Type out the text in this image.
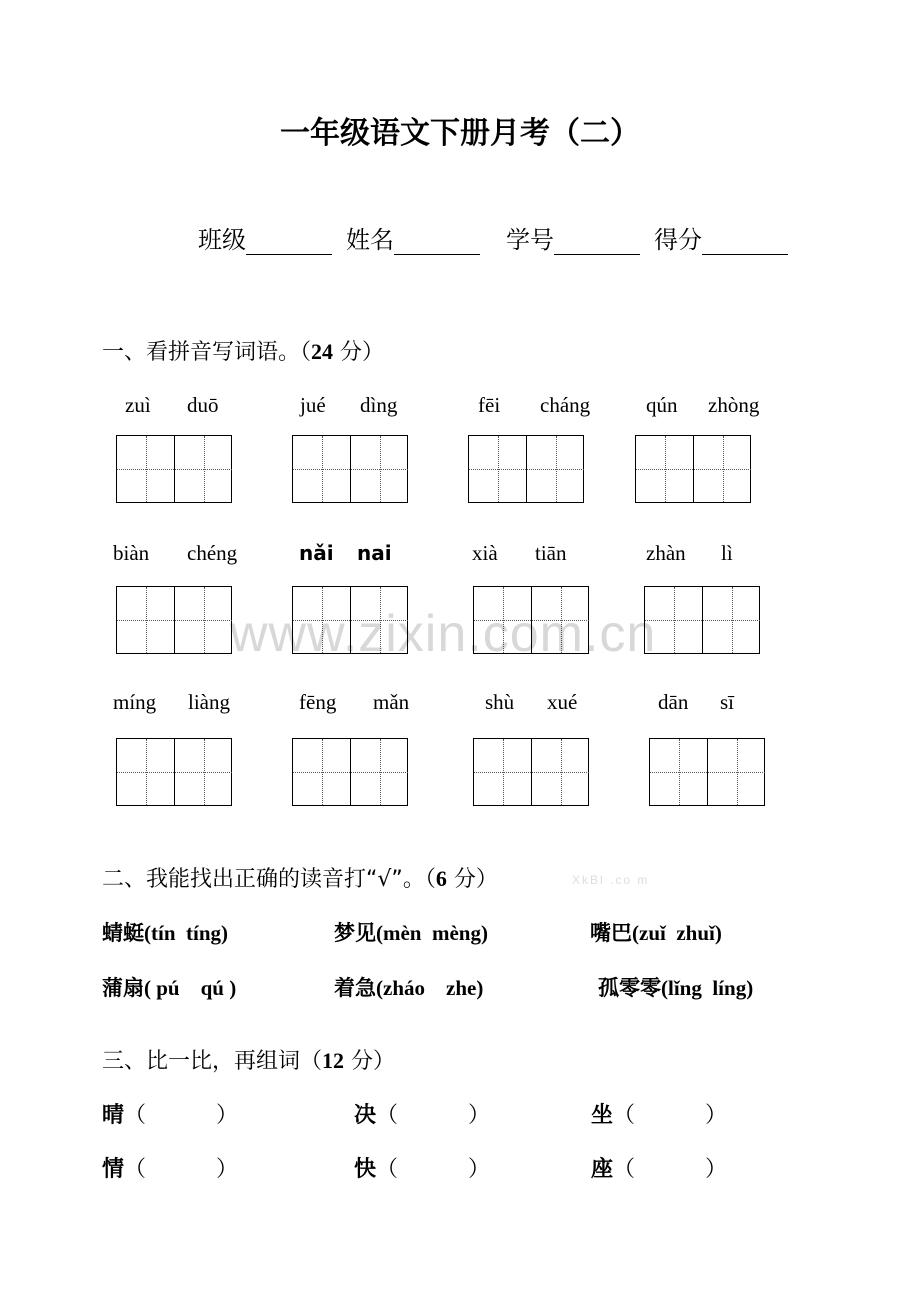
www.zixin.com.cn
XkBl .co m
一年级语文下册月考（二）
班级	姓名	学号	得分
一、看拼音写词语。（24 分）
zuì duō	jué dìng	fēi cháng	qún zhòng
biàn chéng	nǎi nai	xià tiān	zhàn lì
míng liàng	fēng mǎn	shù xué	dān sī
二、我能找出正确的读音打“√”。（6 分）
蜻蜓(tín  tíng)	梦见(mèn  mèng)	嘴巴(zuǐ  zhuǐ)
蒲扇( pú    qú )	着急(zháo    zhe)	孤零零(lǐng  líng)
三、比一比，再组词（12 分）
晴（          ）	决（          ）	坐（          ）
情（          ）	快（          ）	座（          ）
